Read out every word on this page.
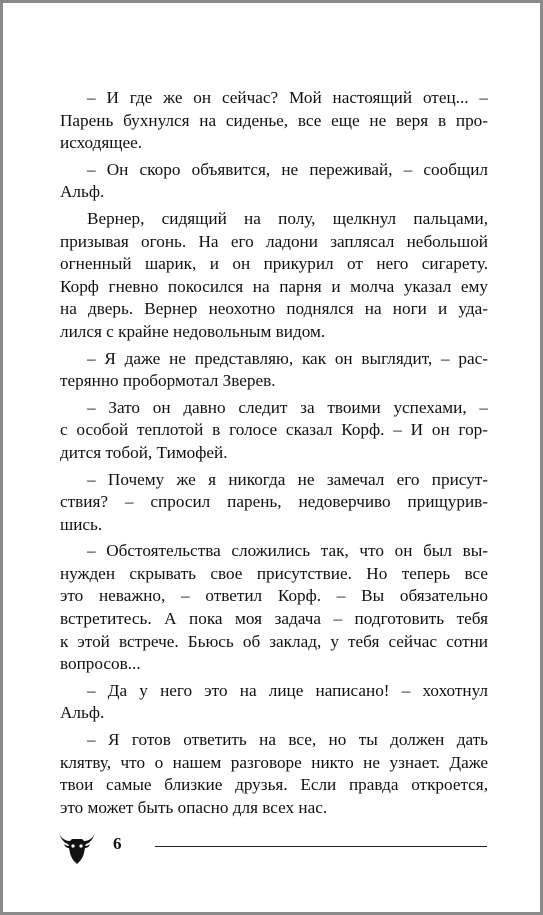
– И где же он сейчас? Мой настоящий отец... –
Парень бухнулся на сиденье, все еще не веря в про-
исходящее.
– Он скоро объявится, не переживай, – сообщил
Альф.
Вернер, сидящий на полу, щелкнул пальцами,
призывая огонь. На его ладони заплясал небольшой
огненный шарик, и он прикурил от него сигарету.
Корф гневно покосился на парня и молча указал ему
на дверь. Вернер неохотно поднялся на ноги и уда-
лился с крайне недовольным видом.
– Я даже не представляю, как он выглядит, – рас-
терянно пробормотал Зверев.
– Зато он давно следит за твоими успехами, –
с особой теплотой в голосе сказал Корф. – И он гор-
дится тобой, Тимофей.
– Почему же я никогда не замечал его присут-
ствия? – спросил парень, недоверчиво прищурив-
шись.
– Обстоятельства сложились так, что он был вы-
нужден скрывать свое присутствие. Но теперь все
это неважно, – ответил Корф. – Вы обязательно
встретитесь. А пока моя задача – подготовить тебя
к этой встрече. Бьюсь об заклад, у тебя сейчас сотни
вопросов...
– Да у него это на лице написано! – хохотнул
Альф.
– Я готов ответить на все, но ты должен дать
клятву, что о нашем разговоре никто не узнает. Даже
твои самые близкие друзья. Если правда откроется,
это может быть опасно для всех нас.
6
